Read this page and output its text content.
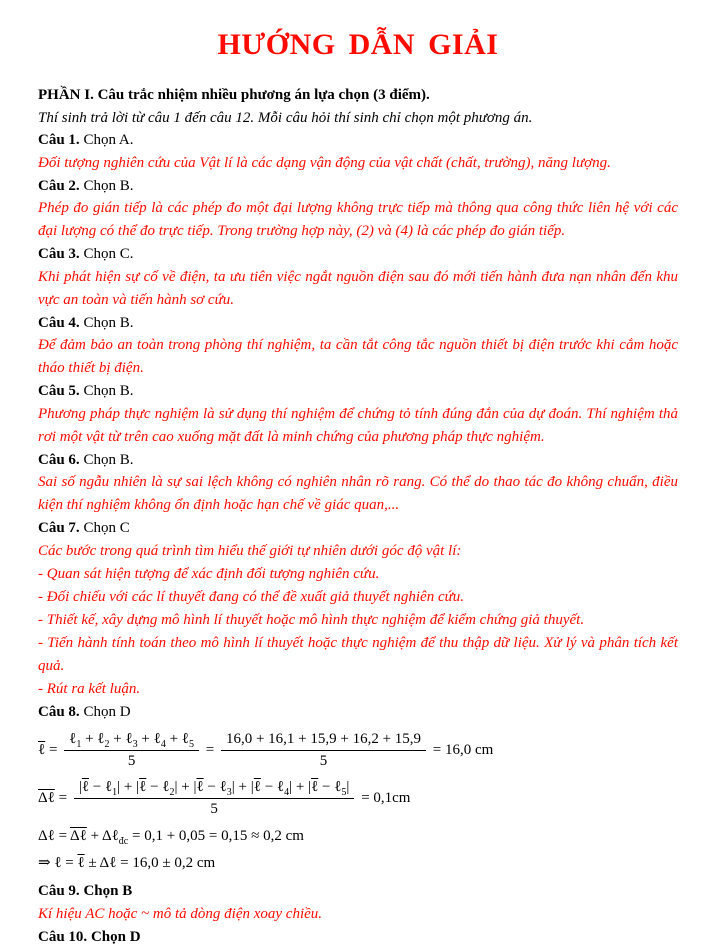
HƯỚNG DẪN GIẢI
PHẦN I. Câu trắc nhiệm nhiều phương án lựa chọn (3 điểm).
Thí sinh trả lời từ câu 1 đến câu 12. Mỗi câu hỏi thí sinh chỉ chọn một phương án.
Câu 1. Chọn A.
Đối tượng nghiên cứu của Vật lí là các dạng vận động của vật chất (chất, trường), năng lượng.
Câu 2. Chọn B.
Phép đo gián tiếp là các phép đo một đại lượng không trực tiếp mà thông qua công thức liên hệ với các đại lượng có thể đo trực tiếp. Trong trường hợp này, (2) và (4) là các phép đo gián tiếp.
Câu 3. Chọn C.
Khi phát hiện sự cố về điện, ta ưu tiên việc ngắt nguồn điện sau đó mới tiến hành đưa nạn nhân đến khu vực an toàn và tiến hành sơ cứu.
Câu 4. Chọn B.
Để đảm bảo an toàn trong phòng thí nghiệm, ta cần tắt công tắc nguồn thiết bị điện trước khi cắm hoặc tháo thiết bị điện.
Câu 5. Chọn B.
Phương pháp thực nghiệm là sử dụng thí nghiệm để chứng tỏ tính đúng đắn của dự đoán. Thí nghiệm thả rơi một vật từ trên cao xuống mặt đất là minh chứng của phương pháp thực nghiệm.
Câu 6. Chọn B.
Sai số ngẫu nhiên là sự sai lệch không có nghiên nhân rõ rang. Có thể do thao tác đo không chuẩn, điều kiện thí nghiệm không ổn định hoặc hạn chế về giác quan,...
Câu 7. Chọn C
Các bước trong quá trình tìm hiểu thế giới tự nhiên dưới góc độ vật lí:
- Quan sát hiện tượng để xác định đối tượng nghiên cứu.
- Đối chiếu với các lí thuyết đang có thể đề xuất giả thuyết nghiên cứu.
- Thiết kế, xây dựng mô hình lí thuyết hoặc mô hình thực nghiệm để kiểm chứng giả thuyết.
- Tiến hành tính toán theo mô hình lí thuyết hoặc thực nghiệm để thu thập dữ liệu. Xử lý và phân tích kết quả.
- Rút ra kết luận.
Câu 8. Chọn D
ℓ = $\frac{\ell_1 + \ell_2 + \ell_3 + \ell_4 + \ell_5}{5} = \frac{16,0 + 16,1 + 15,9 + 16,2 + 15,9}{5} = 16,0$ cm
Δℓ = $\frac{|\ell - \ell_1| + |\ell - \ell_2| + |\ell - \ell_3| + |\ell - \ell_4| + |\ell - \ell_5|}{5} = 0,1cm$
Δℓ = Δℓ + Δℓ$_{đc}$ = 0,1 + 0,05 = 0,15 ≈ 0,2 cm
⇒ ℓ = ℓ ± Δℓ = 16,0 ± 0,2 cm
Câu 9. Chọn B
Kí hiệu AC hoặc ~ mô tả dòng điện xoay chiều.
Câu 10. Chọn D
